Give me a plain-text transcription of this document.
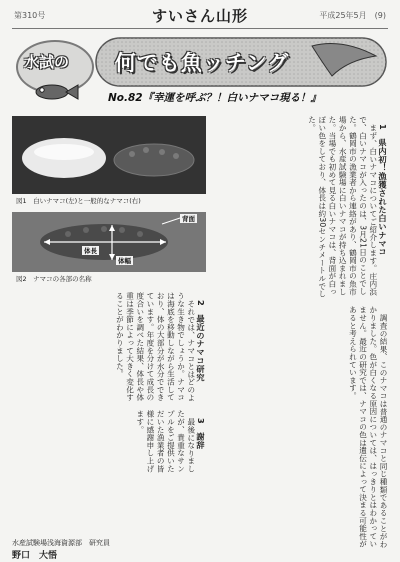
第310号	すいさん山形	平成25年5月　 (9)
水試の	何でも魚ッチング
No.82『幸運を呼ぶ？！白いナマコ現る！』
図1　白いナマコ(左)と一般的なナマコ(右)
背面
体長
体幅
図2　ナマコの各部の名称

1　県内初！漁獲された白いナマコ

まず、白いナマコについてご紹介します。庄内浜で、白いナマコが入ったのは、3月21日のことでした。鶴岡市の漁業者から連絡があり、鶴岡市の魚市場から、水産試験場に白いナマコが持ち込まれました。当場でも初めて見る白いナマコは、背面が白っぽい色をしており、体長は約30センチメートルでした。

2　最近のナマコ研究

それでは、ナマコとはどのような生き物でしょうか。ナマコは海底を移動しながら生活しており、体の大部分が水分でできています。年度を分けて成長の度合いを調べた結果、体長や体重は季節によって大きく変化することがわかりました。	調査の結果、このナマコは普通のナマコと同じ種類であることがわかりました。色が白くなる原因については、はっきりとはわかっていません。最近の研究では、ナマコの色は遺伝によって決まる可能性があると考えられています。

3　謝辞

最後になりましたが、貴重なサンプルをご提供いただいた漁業者の皆様に感謝申し上げます。

水産試験場浅海資源部　研究員
野口　大悟
